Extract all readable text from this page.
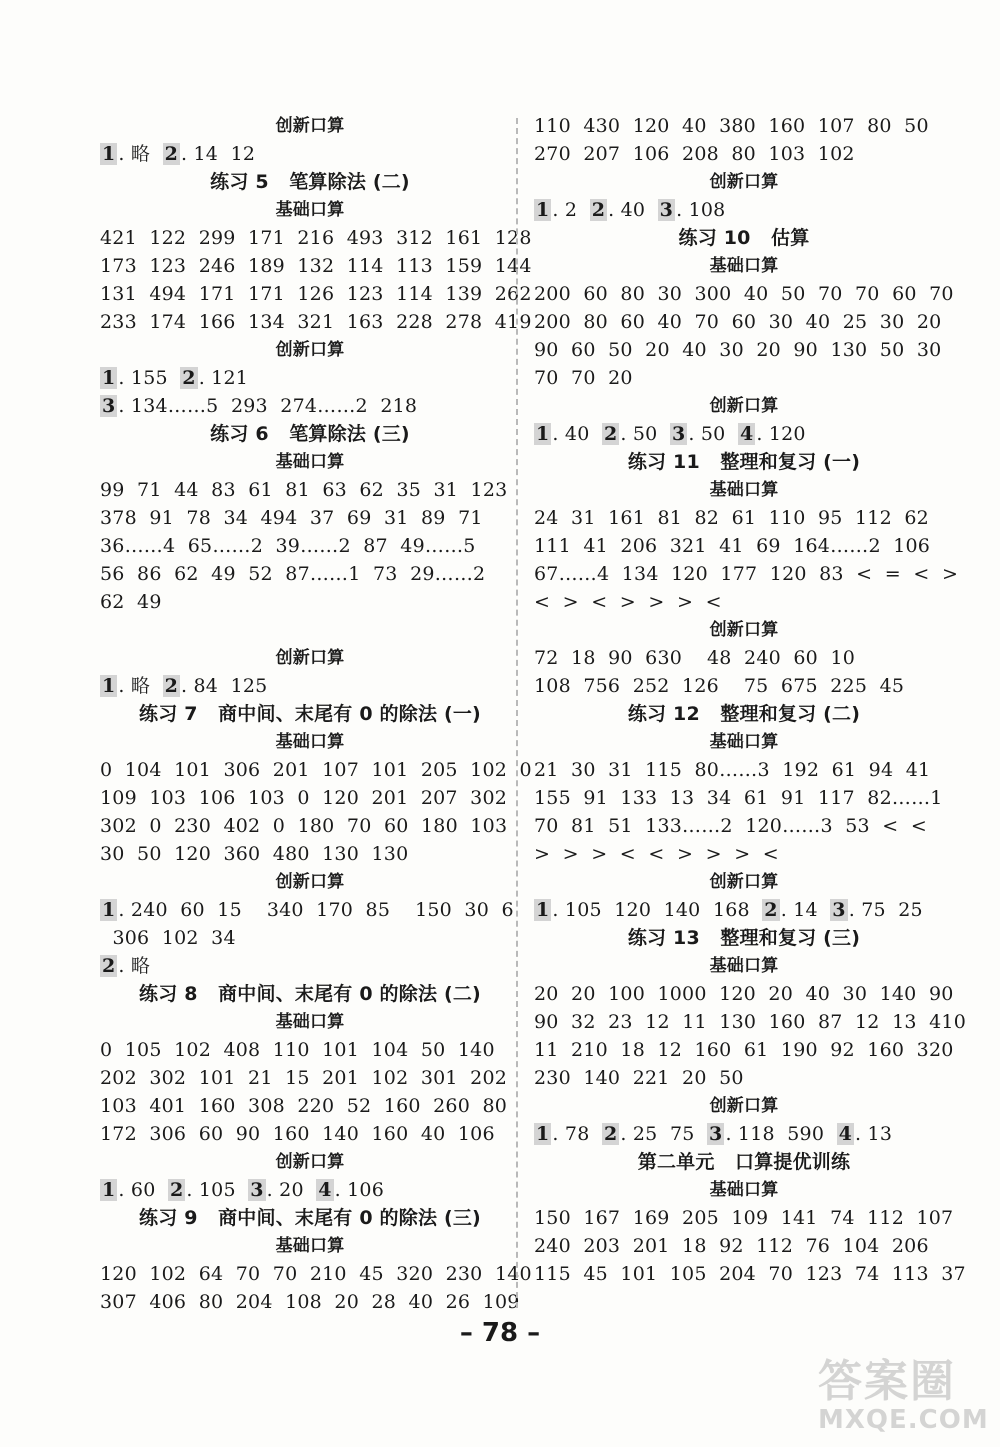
创新口算
1 . 略  2 . 14  12
练习 5   笔算除法 (二)
基础口算
421  122  299  171  216  493  312  161  128
173  123  246  189  132  114  113  159  144
131  494  171  171  126  123  114  139  262
233  174  166  134  321  163  228  278  419
创新口算
1 . 155  2 . 121
3 . 134……5  293  274……2  218
练习 6   笔算除法 (三)
基础口算
99  71  44  83  61  81  63  62  35  31  123
378  91  78  34  494  37  69  31  89  71
36……4  65……2  39……2  87  49……5
56  86  62  49  52  87……1  73  29……2
62  49
创新口算
1 . 略  2 . 84  125
练习 7   商中间、末尾有 0 的除法 (一)
基础口算
0  104  101  306  201  107  101  205  102  0
109  103  106  103  0  120  201  207  302
302  0  230  402  0  180  70  60  180  103
30  50  120  360  480  130  130
创新口算
1 . 240  60  15    340  170  85    150  30  6
306  102  34
2 . 略
练习 8   商中间、末尾有 0 的除法 (二)
基础口算
0  105  102  408  110  101  104  50  140
202  302  101  21  15  201  102  301  202
103  401  160  308  220  52  160  260  80
172  306  60  90  160  140  160  40  106
创新口算
1 . 60  2 . 105  3 . 20  4 . 106
练习 9   商中间、末尾有 0 的除法 (三)
基础口算
120  102  64  70  70  210  45  320  230  140
307  406  80  204  108  20  28  40  26  109
110  430  120  40  380  160  107  80  50
270  207  106  208  80  103  102
创新口算
1 . 2  2 . 40  3 . 108
练习 10   估算
基础口算
200  60  80  30  300  40  50  70  70  60  70
200  80  60  40  70  60  30  40  25  30  20
90  60  50  20  40  30  20  90  130  50  30
70  70  20
创新口算
1 . 40  2 . 50  3 . 50  4 . 120
练习 11   整理和复习 (一)
基础口算
24  31  161  81  82  61  110  95  112  62
111  41  206  321  41  69  164……2  106
67……4  134  120  177  120  83  <  =  <  >
<  >  <  >  >  >  <
创新口算
72  18  90  630    48  240  60  10
108  756  252  126    75  675  225  45
练习 12   整理和复习 (二)
基础口算
21  30  31  115  80……3  192  61  94  41
155  91  133  13  34  61  91  117  82……1
70  81  51  133……2  120……3  53  <  <
>  >  >  <  <  >  >  >  <
创新口算
1 . 105  120  140  168  2 . 14  3 . 75  25
练习 13   整理和复习 (三)
基础口算
20  20  100  1000  120  20  40  30  140  90
90  32  23  12  11  130  160  87  12  13  410
11  210  18  12  160  61  190  92  160  320
230  140  221  20  50
创新口算
1 . 78  2 . 25  75  3 . 118  590  4 . 13
第二单元   口算提优训练
基础口算
150  167  169  205  109  141  74  112  107
240  203  201  18  92  112  76  104  206
115  45  101  105  204  70  123  74  113  37
– 78 –
答案圈
MXQE.COM
